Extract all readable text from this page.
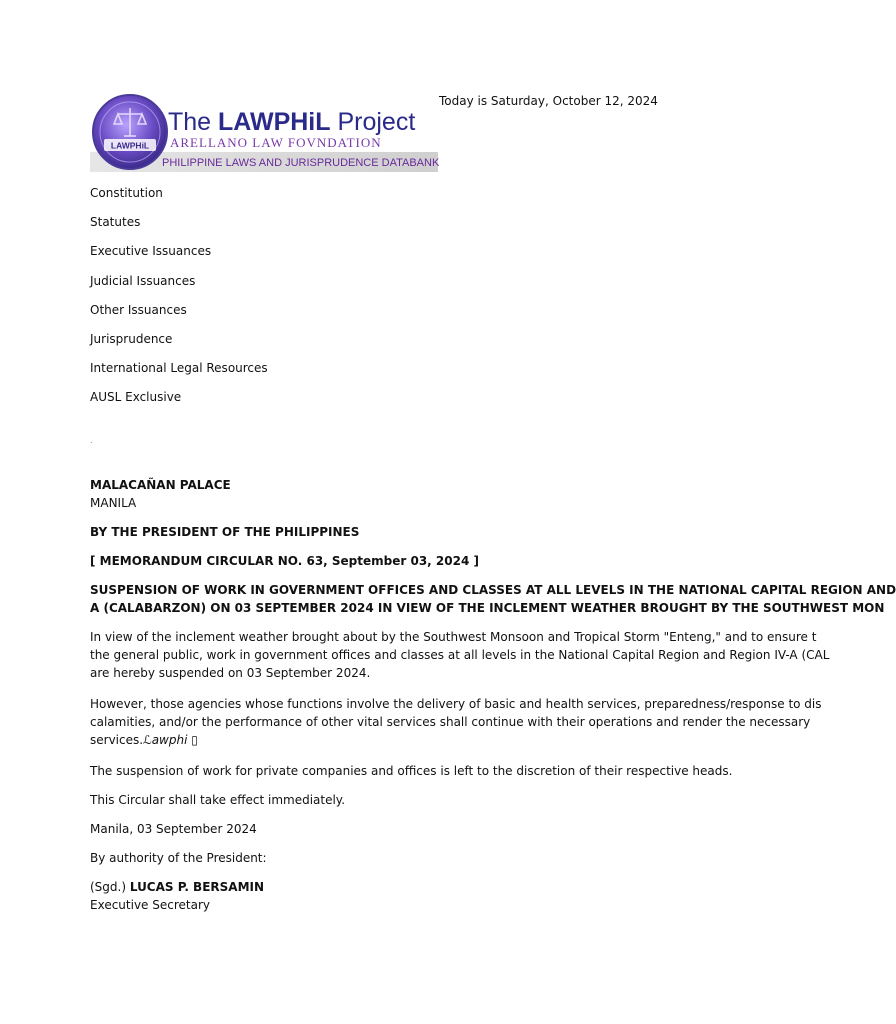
LAWPHiL
The LAWPHiL Project
ARELLANO LAW FOVNDATION
PHILIPPINE LAWS AND JURISPRUDENCE DATABANK
Today is Saturday, October 12, 2024
Constitution
Statutes
Executive Issuances
Judicial Issuances
Other Issuances
Jurisprudence
International Legal Resources
AUSL Exclusive
.
MALACAÑAN PALACE
MANILA
BY THE PRESIDENT OF THE PHILIPPINES
[ MEMORANDUM CIRCULAR NO. 63, September 03, 2024 ]
SUSPENSION OF WORK IN GOVERNMENT OFFICES AND CLASSES AT ALL LEVELS IN THE NATIONAL CAPITAL REGION AND
A (CALABARZON) ON 03 SEPTEMBER 2024 IN VIEW OF THE INCLEMENT WEATHER BROUGHT BY THE SOUTHWEST MON
In view of the inclement weather brought about by the Southwest Monsoon and Tropical Storm "Enteng," and to ensure t
the general public, work in government offices and classes at all levels in the National Capital Region and Region IV-A (CAL
are hereby suspended on 03 September 2024.
However, those agencies whose functions involve the delivery of basic and health services, preparedness/response to dis
calamities, and/or the performance of other vital services shall continue with their operations and render the necessary
services.ℒawphi ▯
The suspension of work for private companies and offices is left to the discretion of their respective heads.
This Circular shall take effect immediately.
Manila, 03 September 2024
By authority of the President:
(Sgd.) LUCAS P. BERSAMIN
Executive Secretary
